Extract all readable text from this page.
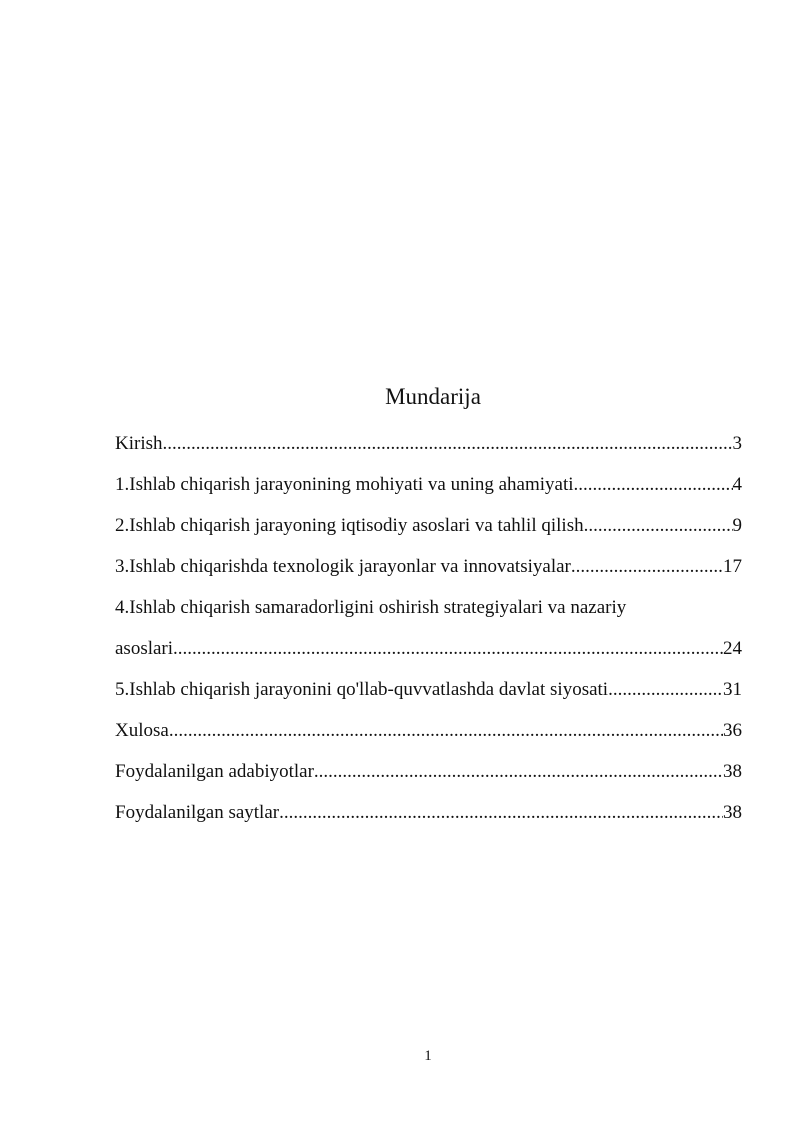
Mundarija
Kirish .....	3
1.Ishlab chiqarish jarayonining mohiyati va uning ahamiyati .....	4
2.Ishlab chiqarish jarayoning iqtisodiy asoslari va tahlil qilish .....	9
3.Ishlab chiqarishda texnologik jarayonlar va innovatsiyalar .....	17
4.Ishlab chiqarish samaradorligini oshirish strategiyalari va nazariy
asoslari .....	24
5.Ishlab chiqarish jarayonini qo'llab-quvvatlashda davlat siyosati .....	31
Xulosa .....	36
Foydalanilgan adabiyotlar .....	38
Foydalanilgan saytlar .....	38
1
